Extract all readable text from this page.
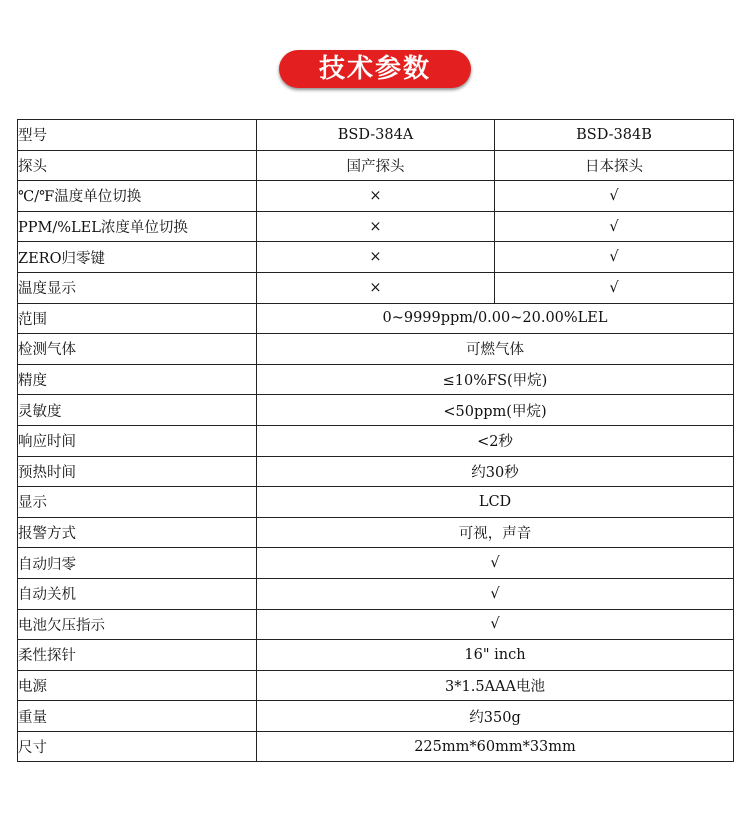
技术参数
型号	BSD-384A	BSD-384B
探头	国产探头	日本探头
℃/℉温度单位切换	×	√
PPM/%LEL浓度单位切换	×	√
ZERO归零键	×	√
温度显示	×	√
范围	0~9999ppm/0.00~20.00%LEL	
检测气体	可燃气体	
精度	≤10%FS(甲烷)	
灵敏度	<50ppm(甲烷)	
响应时间	<2秒	
预热时间	约30秒	
显示	LCD	
报警方式	可视，声音	
自动归零	√	
自动关机	√	
电池欠压指示	√	
柔性探针	16" inch	
电源	3*1.5AAA电池	
重量	约350g	
尺寸	225mm*60mm*33mm	
